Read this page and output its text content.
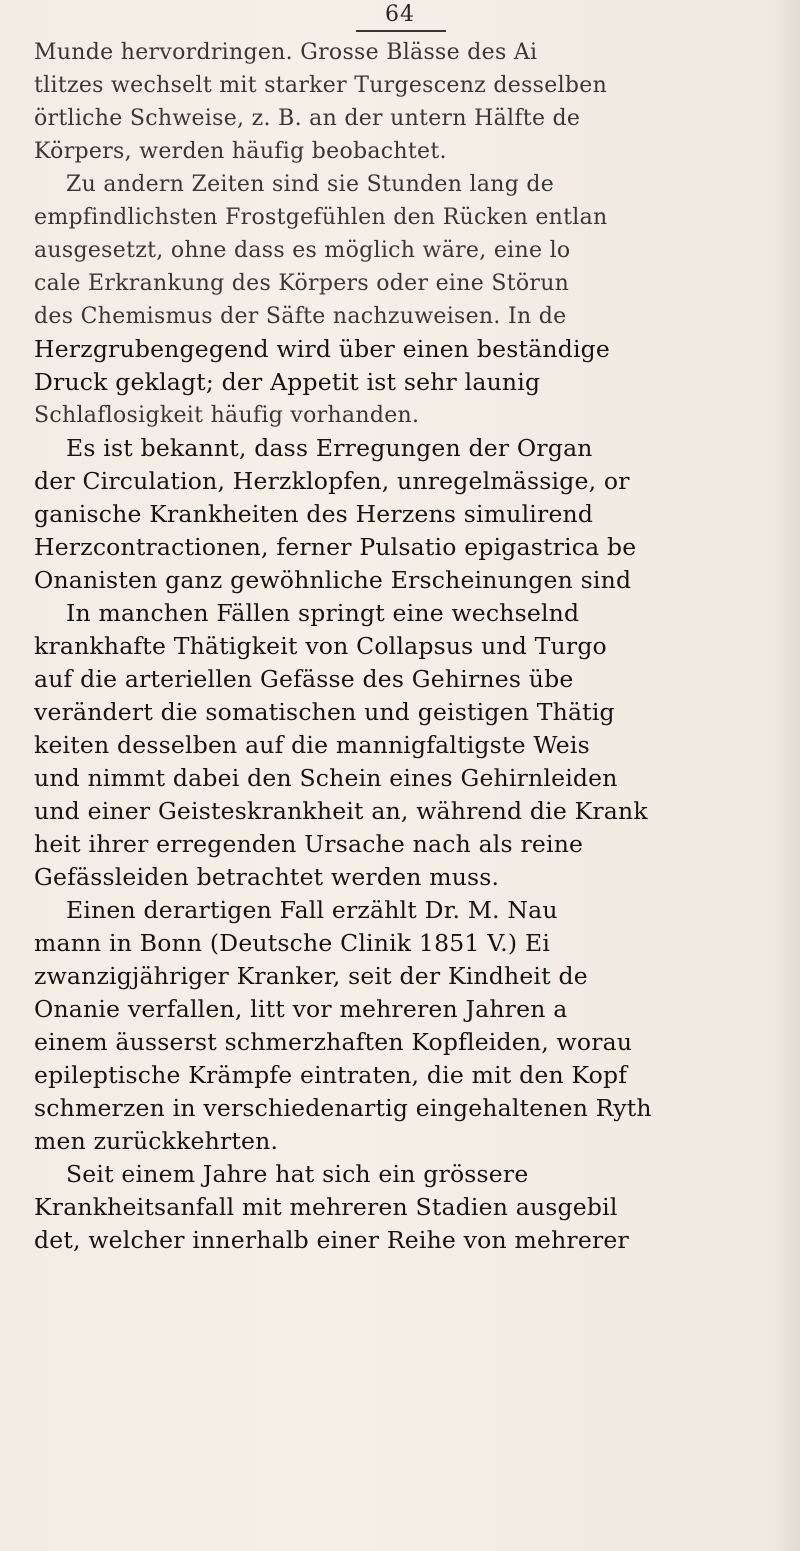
64
Munde hervordringen. Grosse Blässe des Ai
tlitzes wechselt mit starker Turgescenz desselben
örtliche Schweise, z. B. an der untern Hälfte de
Körpers, werden häufig beobachtet.
Zu andern Zeiten sind sie Stunden lang de
empfindlichsten Frostgefühlen den Rücken entlan
ausgesetzt, ohne dass es möglich wäre, eine lo
cale Erkrankung des Körpers oder eine Störun
des Chemismus der Säfte nachzuweisen. In de
Herzgrubengegend wird über einen beständige
Druck geklagt; der Appetit ist sehr launig
Schlaflosigkeit häufig vorhanden.
Es ist bekannt, dass Erregungen der Organ
der Circulation, Herzklopfen, unregelmässige, or
ganische Krankheiten des Herzens simulirend
Herzcontractionen, ferner Pulsatio epigastrica be
Onanisten ganz gewöhnliche Erscheinungen sind
In manchen Fällen springt eine wechselnd
krankhafte Thätigkeit von Collapsus und Turgo
auf die arteriellen Gefässe des Gehirnes übe
verändert die somatischen und geistigen Thätig
keiten desselben auf die mannigfaltigste Weis
und nimmt dabei den Schein eines Gehirnleiden
und einer Geisteskrankheit an, während die Krank
heit ihrer erregenden Ursache nach als reine
Gefässleiden betrachtet werden muss.
Einen derartigen Fall erzählt Dr. M. Nau
mann in Bonn (Deutsche Clinik 1851 V.) Ei
zwanzigjähriger Kranker, seit der Kindheit de
Onanie verfallen, litt vor mehreren Jahren a
einem äusserst schmerzhaften Kopfleiden, worau
epileptische Krämpfe eintraten, die mit den Kopf
schmerzen in verschiedenartig eingehaltenen Ryth
men zurückkehrten.
Seit einem Jahre hat sich ein grössere
Krankheitsanfall mit mehreren Stadien ausgebil
det, welcher innerhalb einer Reihe von mehrerer
